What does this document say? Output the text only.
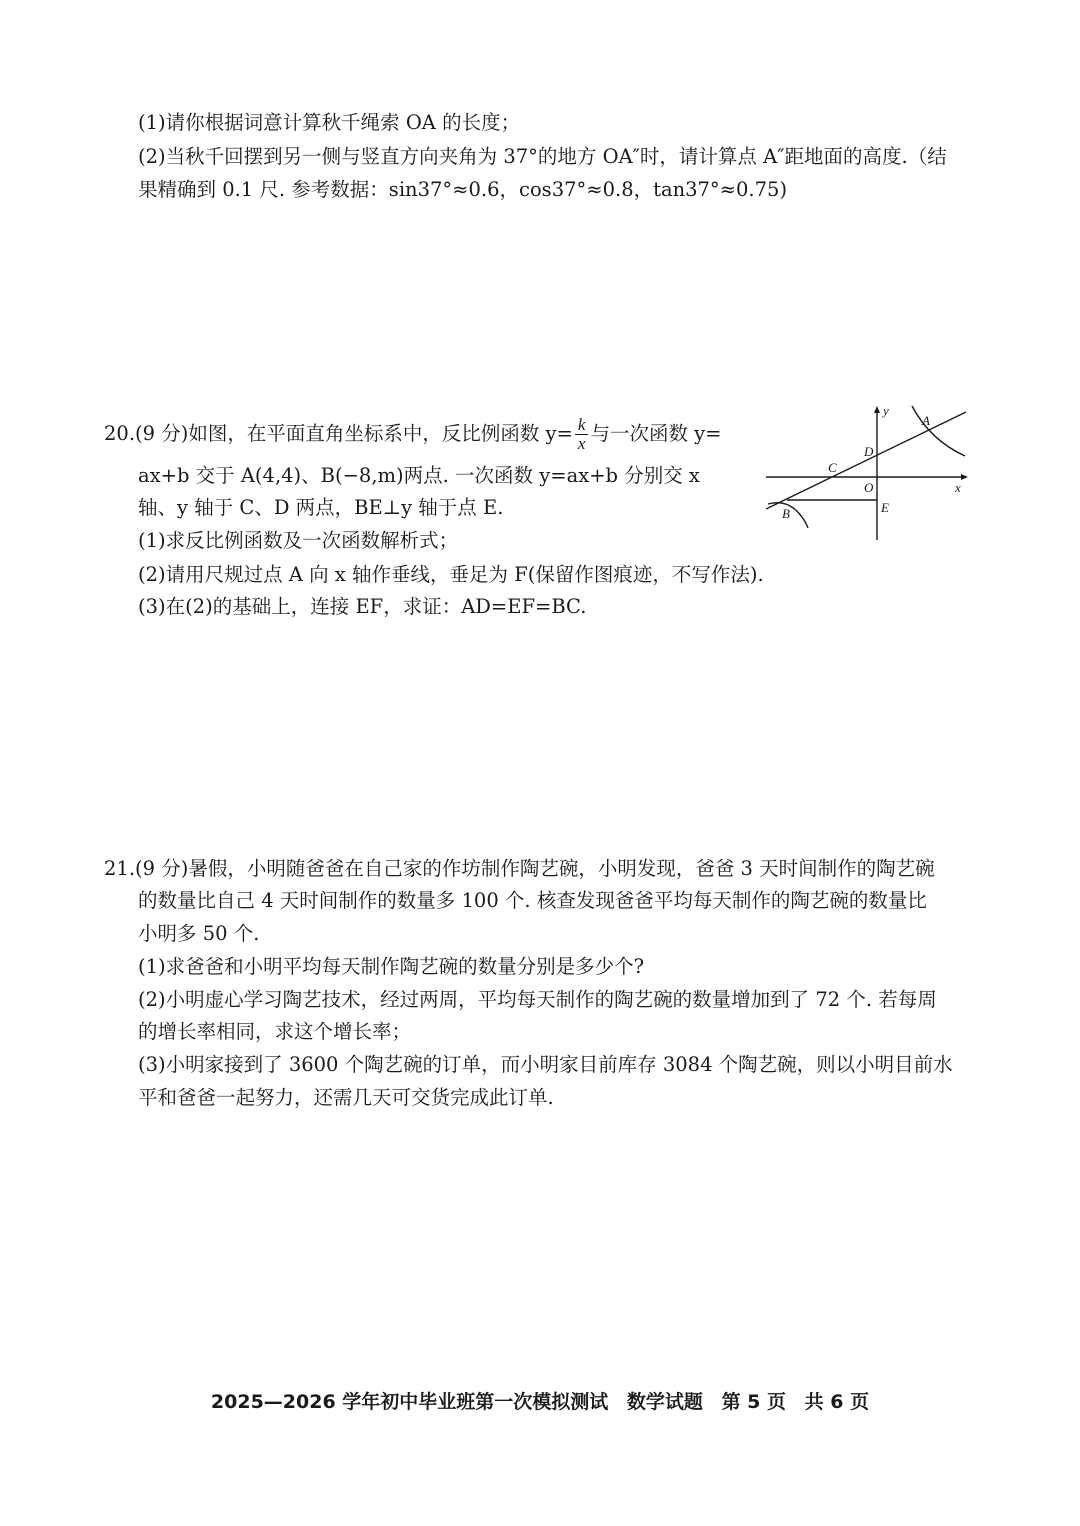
(1)请你根据词意计算秋千绳索 OA 的长度；
(2)当秋千回摆到另一侧与竖直方向夹角为 37°的地方 OA″时，请计算点 A″距地面的高度.（结
果精确到 0.1 尺. 参考数据：sin37°≈0.6，cos37°≈0.8，tan37°≈0.75)
20.(9 分)如图，在平面直角坐标系中，反比例函数 $y= \frac{k}{x}$ 与一次函数 y=
ax+b 交于 A(4,4)、B(−8,m)两点. 一次函数 y=ax+b 分别交 x
轴、y 轴于 C、D 两点，BE⊥y 轴于点 E.
(1)求反比例函数及一次函数解析式；
(2)请用尺规过点 A 向 x 轴作垂线，垂足为 F(保留作图痕迹，不写作法).
(3)在(2)的基础上，连接 EF，求证：AD=EF=BC.
y
A
D
C
O	x
B	E
21.(9 分)暑假，小明随爸爸在自己家的作坊制作陶艺碗，小明发现，爸爸 3 天时间制作的陶艺碗
的数量比自己 4 天时间制作的数量多 100 个. 核查发现爸爸平均每天制作的陶艺碗的数量比
小明多 50 个.
(1)求爸爸和小明平均每天制作陶艺碗的数量分别是多少个?
(2)小明虚心学习陶艺技术，经过两周，平均每天制作的陶艺碗的数量增加到了 72 个. 若每周
的增长率相同，求这个增长率；
(3)小明家接到了 3600 个陶艺碗的订单，而小明家目前库存 3084 个陶艺碗，则以小明目前水
平和爸爸一起努力，还需几天可交货完成此订单.
2025—2026 学年初中毕业班第一次模拟测试 数学试题 第 5 页 共 6 页
